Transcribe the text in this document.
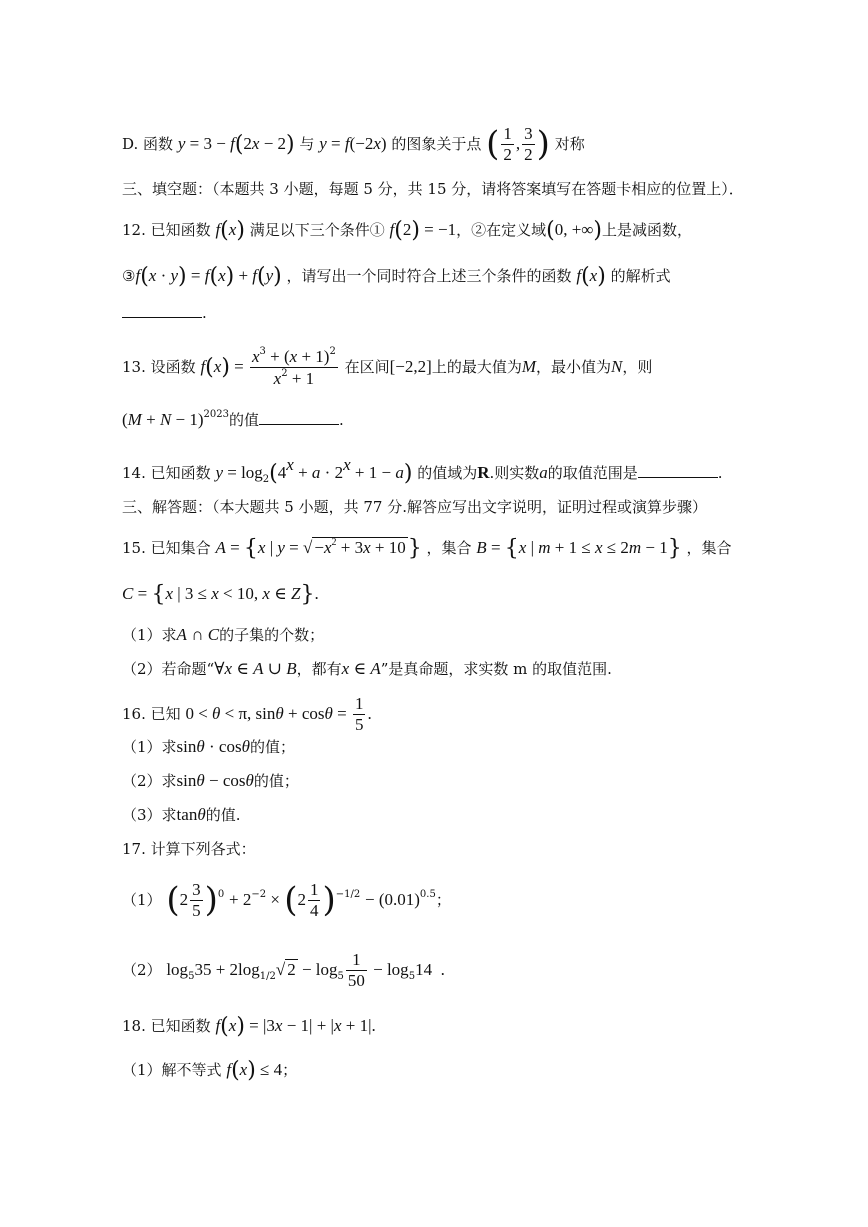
D. 函数 y = 3 − f(2x − 2) 与 y = f(−2x) 的图象关于点 ( $\frac{1}{2}$ , $\frac{3}{2}$ ) 对称
三、填空题：（本题共 3 小题，每题 5 分，共 15 分，请将答案填写在答题卡相应的位置上）．
12. 已知函数 f(x) 满足以下三个条件① f(2) = −1，②在定义域(0, +∞)上是减函数，
③f(x · y) = f(x) + f(y) ，请写出一个同时符合上述三个条件的函数 f(x) 的解析式
.
13. 设函数 $f(x) = \frac{x^3 + (x + 1)^2}{x^2 + 1}$ 在区间[−2,2]上的最大值为M，最小值为N，则
$(M + N - 1)^{2023}$的值	.
14. 已知函数 $y = \log_2(4^x + a \cdot 2^x + 1 - a)$ 的值域为R.则实数a的取值范围是	.
三、解答题：（本大题共 5 小题，共 77 分.解答应写出文字说明，证明过程或演算步骤）
15. 已知集合 A = {x | y = √ $-x^2 + 3x + 10$} ，集合 B = {x | m + 1 ≤ x ≤ 2m − 1} ，集合
C = {x | 3 ≤ x < 10, x ∈ Z}.
（1）求A ∩ C的子集的个数；
（2）若命题“∀x ∈ A ∪ B，都有x ∈ A”是真命题，求实数 m 的取值范围.
16. 已知 0 < θ < π, $\sin\theta + \cos\theta = \frac{1}{5}$ .
（1）求sinθ · cosθ的值；
（2）求sinθ − cosθ的值；
（3）求tanθ的值.
17. 计算下列各式：
（1） $(2 \frac{3}{5} )^0 + 2^{-2} \times (2 \frac{1}{4} )^{-1/2} - (0.01)^{0.5}$；
（2） $\log_535 + 2\log_{1/2}√$ $2 - \log_5 \frac{1}{50} - \log_514$  .
18. 已知函数 f(x) = |3x − 1| + |x + 1|.
（1）解不等式 f(x) ≤ 4；
